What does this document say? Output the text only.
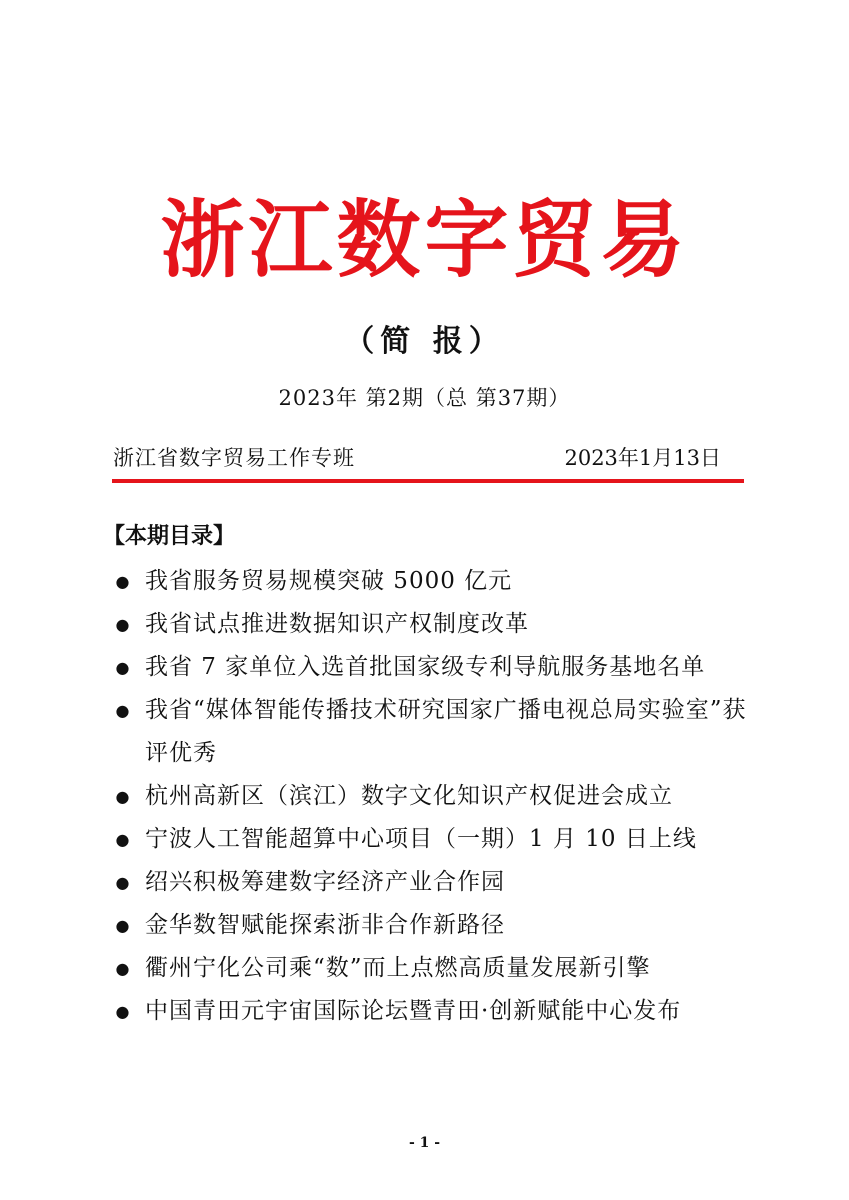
浙江数字贸易
（简 报）
2023年 第2期（总 第37期）
浙江省数字贸易工作专班	2023年1月13日
【本期目录】
● 我省服务贸易规模突破 5000 亿元
● 我省试点推进数据知识产权制度改革
● 我省 7 家单位入选首批国家级专利导航服务基地名单
● 我省“媒体智能传播技术研究国家广播电视总局实验室”获评优秀
● 杭州高新区（滨江）数字文化知识产权促进会成立
● 宁波人工智能超算中心项目（一期）1 月 10 日上线
● 绍兴积极筹建数字经济产业合作园
● 金华数智赋能探索浙非合作新路径
● 衢州宁化公司乘“数”而上点燃高质量发展新引擎
● 中国青田元宇宙国际论坛暨青田·创新赋能中心发布
- 1 -
